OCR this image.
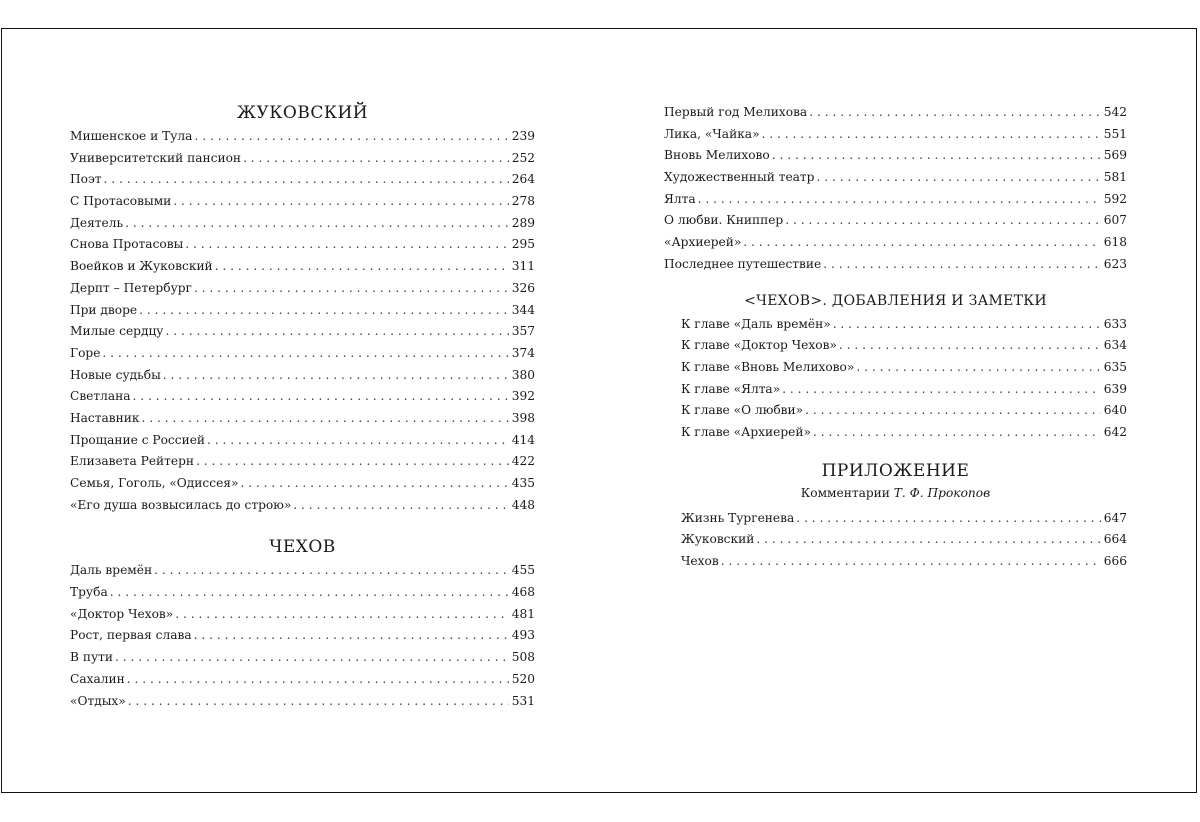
ЖУКОВСКИЙ
Мишенское и Тула . . .	239
Университетский пансион . . .	252
Поэт . . .	264
С Протасовыми . . .	278
Деятель . . .	289
Снова Протасовы . . .	295
Воейков и Жуковский . . .	311
Дерпт – Петербург . . .	326
При дворе . . .	344
Милые сердцу . . .	357
Горе . . .	374
Новые судьбы . . .	380
Светлана . . .	392
Наставник . . .	398
Прощание с Россией . . .	414
Елизавета Рейтерн . . .	422
Семья, Гоголь, «Одиссея» . . .	435
«Его душа возвысилась до строю» . . .	448
ЧЕХОВ
Даль времён . . .	455
Труба . . .	468
«Доктор Чехов» . . .	481
Рост, первая слава . . .	493
В пути . . .	508
Сахалин . . .	520
«Отдых» . . .	531
Первый год Мелихова . . .	542
Лика, «Чайка» . . .	551
Вновь Мелихово . . .	569
Художественный театр . . .	581
Ялта . . .	592
О любви. Книппер . . .	607
«Архиерей» . . .	618
Последнее путешествие . . .	623
<ЧЕХОВ>. ДОБАВЛЕНИЯ И ЗАМЕТКИ
К главе «Даль времён» . . .	633
К главе «Доктор Чехов» . . .	634
К главе «Вновь Мелихово» . . .	635
К главе «Ялта» . . .	639
К главе «О любви» . . .	640
К главе «Архиерей» . . .	642
ПРИЛОЖЕНИЕ
Комментарии Т. Ф. Прокопов
Жизнь Тургенева . . .	647
Жуковский . . .	664
Чехов . . .	666
